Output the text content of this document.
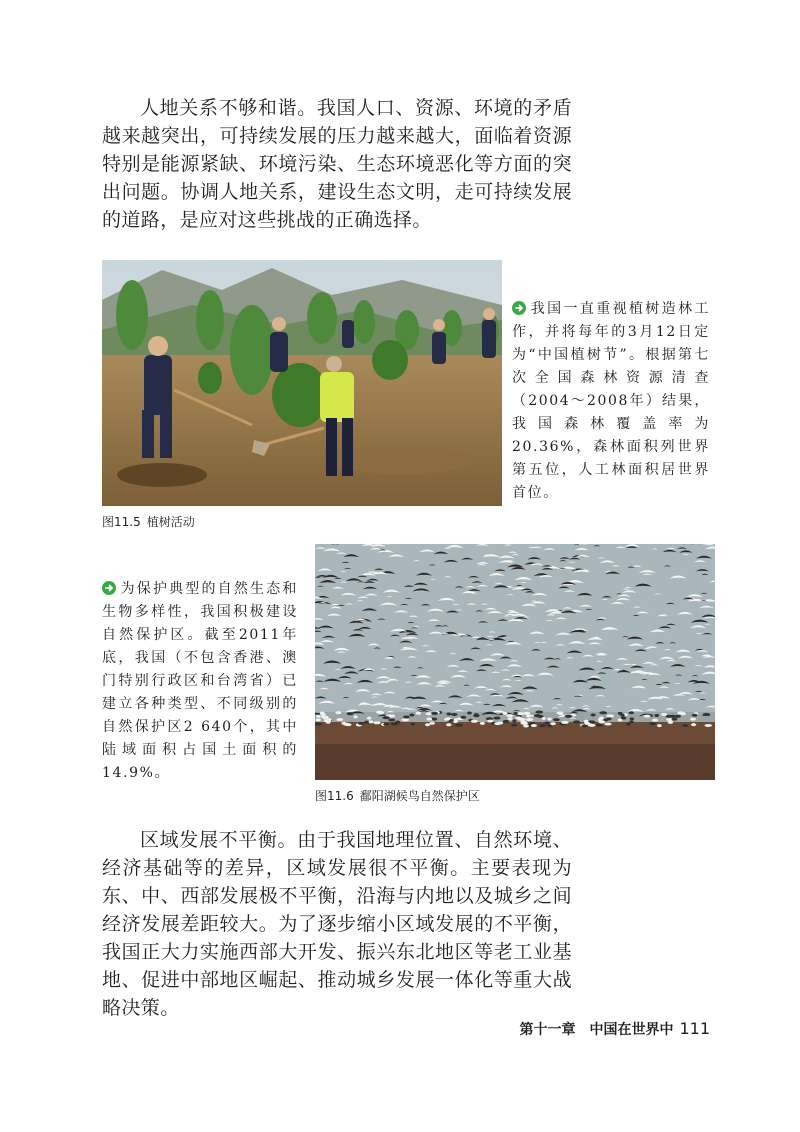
人地关系不够和谐。我国人口、资源、环境的矛盾越来越突出，可持续发展的压力越来越大，面临着资源特别是能源紧缺、环境污染、生态环境恶化等方面的突出问题。协调人地关系，建设生态文明，走可持续发展的道路，是应对这些挑战的正确选择。

图11.5 植树活动

我国一直重视植树造林工作，并将每年的3月12日定为“中国植树节”。根据第七次全国森林资源清查（2004～2008年）结果，我国森林覆盖率为20.36%，森林面积列世界第五位，人工林面积居世界首位。

图11.6 鄱阳湖候鸟自然保护区

为保护典型的自然生态和生物多样性，我国积极建设自然保护区。截至2011年底，我国（不包含香港、澳门特别行政区和台湾省）已建立各种类型、不同级别的自然保护区2 640个，其中陆域面积占国土面积的14.9%。

区域发展不平衡。由于我国地理位置、自然环境、经济基础等的差异，区域发展很不平衡。主要表现为东、中、西部发展极不平衡，沿海与内地以及城乡之间经济发展差距较大。为了逐步缩小区域发展的不平衡，我国正大力实施西部大开发、振兴东北地区等老工业基地、促进中部地区崛起、推动城乡发展一体化等重大战略决策。

第十一章 中国在世界中 111
